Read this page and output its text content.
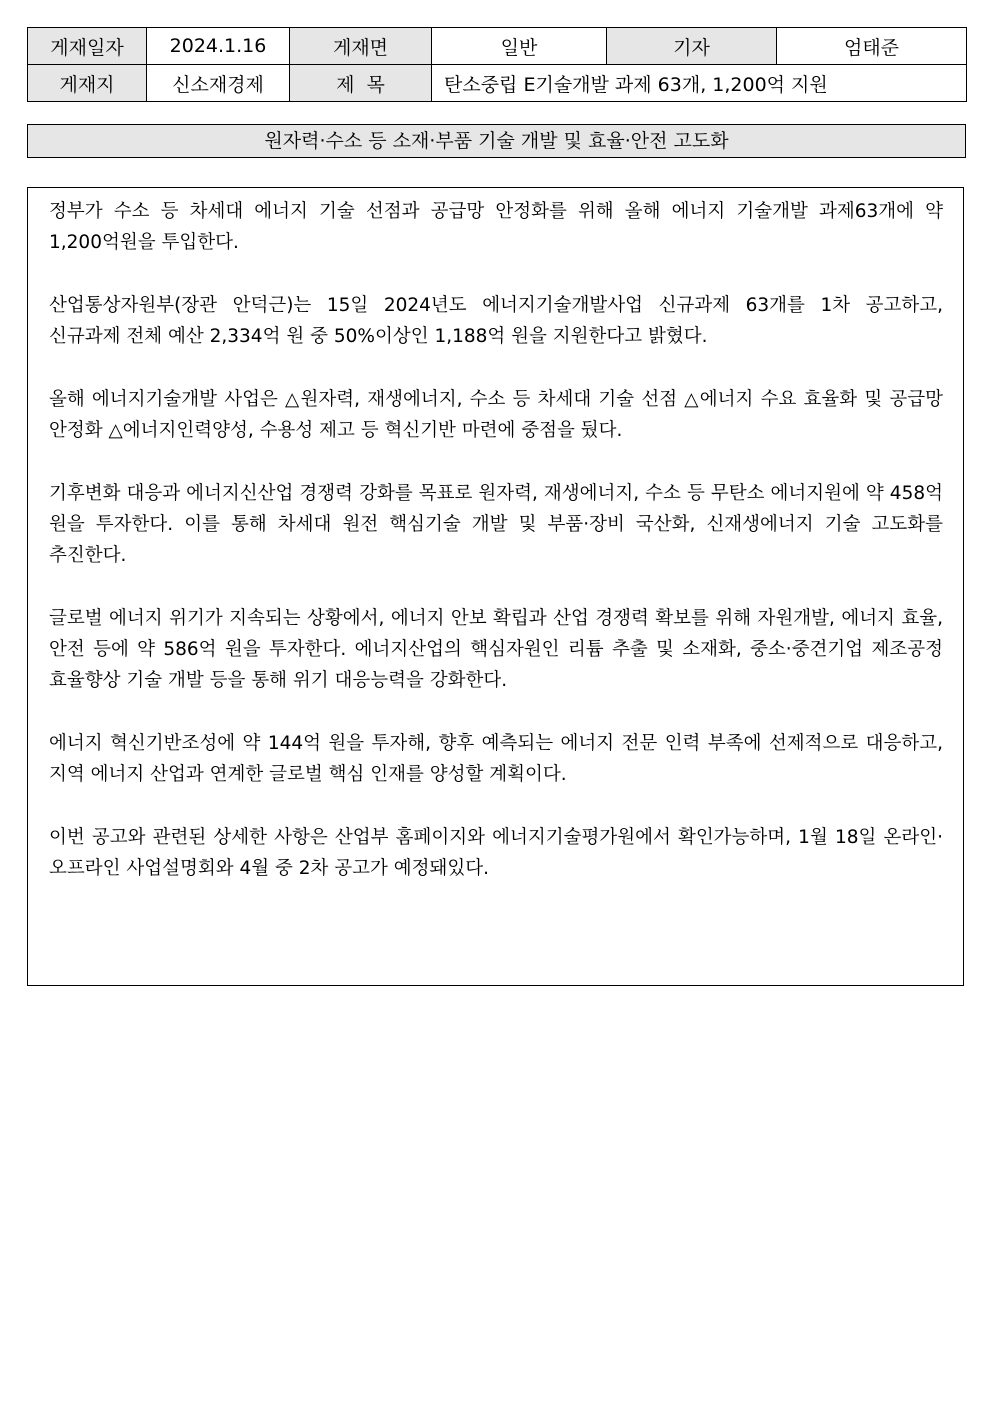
게재일자	2024.1.16	게재면	일반	기자	엄태준
게재지	신소재경제	제  목	탄소중립 E기술개발 과제 63개, 1,200억 지원		
원자력·수소 등 소재·부품 기술 개발 및 효율·안전 고도화

정부가 수소 등 차세대 에너지 기술 선점과 공급망 안정화를 위해 올해 에너지 기술개발 과제63개에 약 1,200억원을 투입한다.

산업통상자원부(장관 안덕근)는 15일 2024년도 에너지기술개발사업 신규과제 63개를 1차 공고하고, 신규과제 전체 예산 2,334억 원 중 50%이상인 1,188억 원을 지원한다고 밝혔다.

올해 에너지기술개발 사업은 △원자력, 재생에너지, 수소 등 차세대 기술 선점 △에너지 수요 효율화 및 공급망 안정화 △에너지인력양성, 수용성 제고 등 혁신기반 마련에 중점을 뒀다.

기후변화 대응과 에너지신산업 경쟁력 강화를 목표로 원자력, 재생에너지, 수소 등 무탄소 에너지원에 약 458억 원을 투자한다. 이를 통해 차세대 원전 핵심기술 개발 및 부품·장비 국산화, 신재생에너지 기술 고도화를 추진한다.

글로벌 에너지 위기가 지속되는 상황에서, 에너지 안보 확립과 산업 경쟁력 확보를 위해 자원개발, 에너지 효율, 안전 등에 약 586억 원을 투자한다. 에너지산업의 핵심자원인 리튬 추출 및 소재화, 중소·중견기업 제조공정 효율향상 기술 개발 등을 통해 위기 대응능력을 강화한다.

에너지 혁신기반조성에 약 144억 원을 투자해, 향후 예측되는 에너지 전문 인력 부족에 선제적으로 대응하고, 지역 에너지 산업과 연계한 글로벌 핵심 인재를 양성할 계획이다.

이번 공고와 관련된 상세한 사항은 산업부 홈페이지와 에너지기술평가원에서 확인가능하며, 1월 18일 온라인·오프라인 사업설명회와 4월 중 2차 공고가 예정돼있다.
